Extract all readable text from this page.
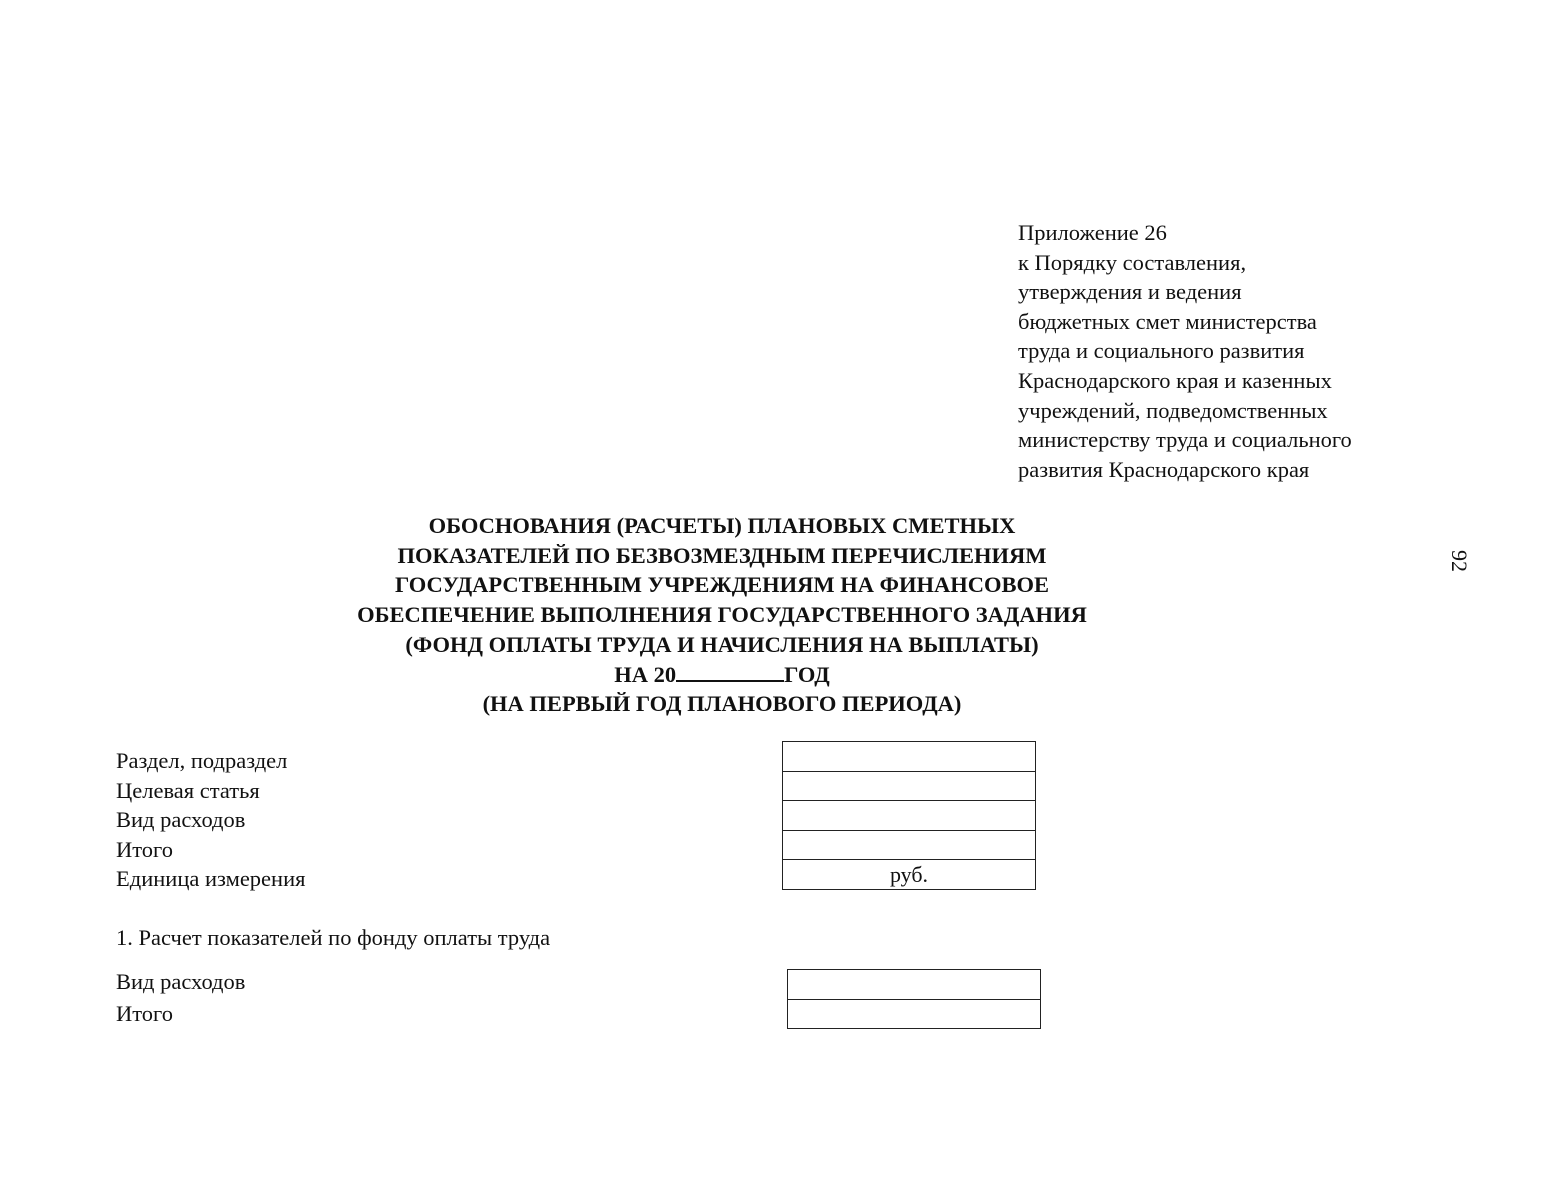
Приложение 26
к Порядку составления,
утверждения и ведения
бюджетных смет министерства
труда и социального развития
Краснодарского края и казенных
учреждений, подведомственных
министерству труда и социального
развития Краснодарского края
92
ОБОСНОВАНИЯ (РАСЧЕТЫ) ПЛАНОВЫХ СМЕТНЫХ
ПОКАЗАТЕЛЕЙ ПО БЕЗВОЗМЕЗДНЫМ ПЕРЕЧИСЛЕНИЯМ
ГОСУДАРСТВЕННЫМ УЧРЕЖДЕНИЯМ НА ФИНАНСОВОЕ
ОБЕСПЕЧЕНИЕ ВЫПОЛНЕНИЯ ГОСУДАРСТВЕННОГО ЗАДАНИЯ
(ФОНД ОПЛАТЫ ТРУДА И НАЧИСЛЕНИЯ НА ВЫПЛАТЫ)
НА 20	ГОД
(НА ПЕРВЫЙ ГОД ПЛАНОВОГО ПЕРИОДА)
Раздел, подраздел
Целевая статья
Вид расходов
Итого
Единица измерения	руб.
1. Расчет показателей по фонду оплаты труда
Вид расходов
Итого
